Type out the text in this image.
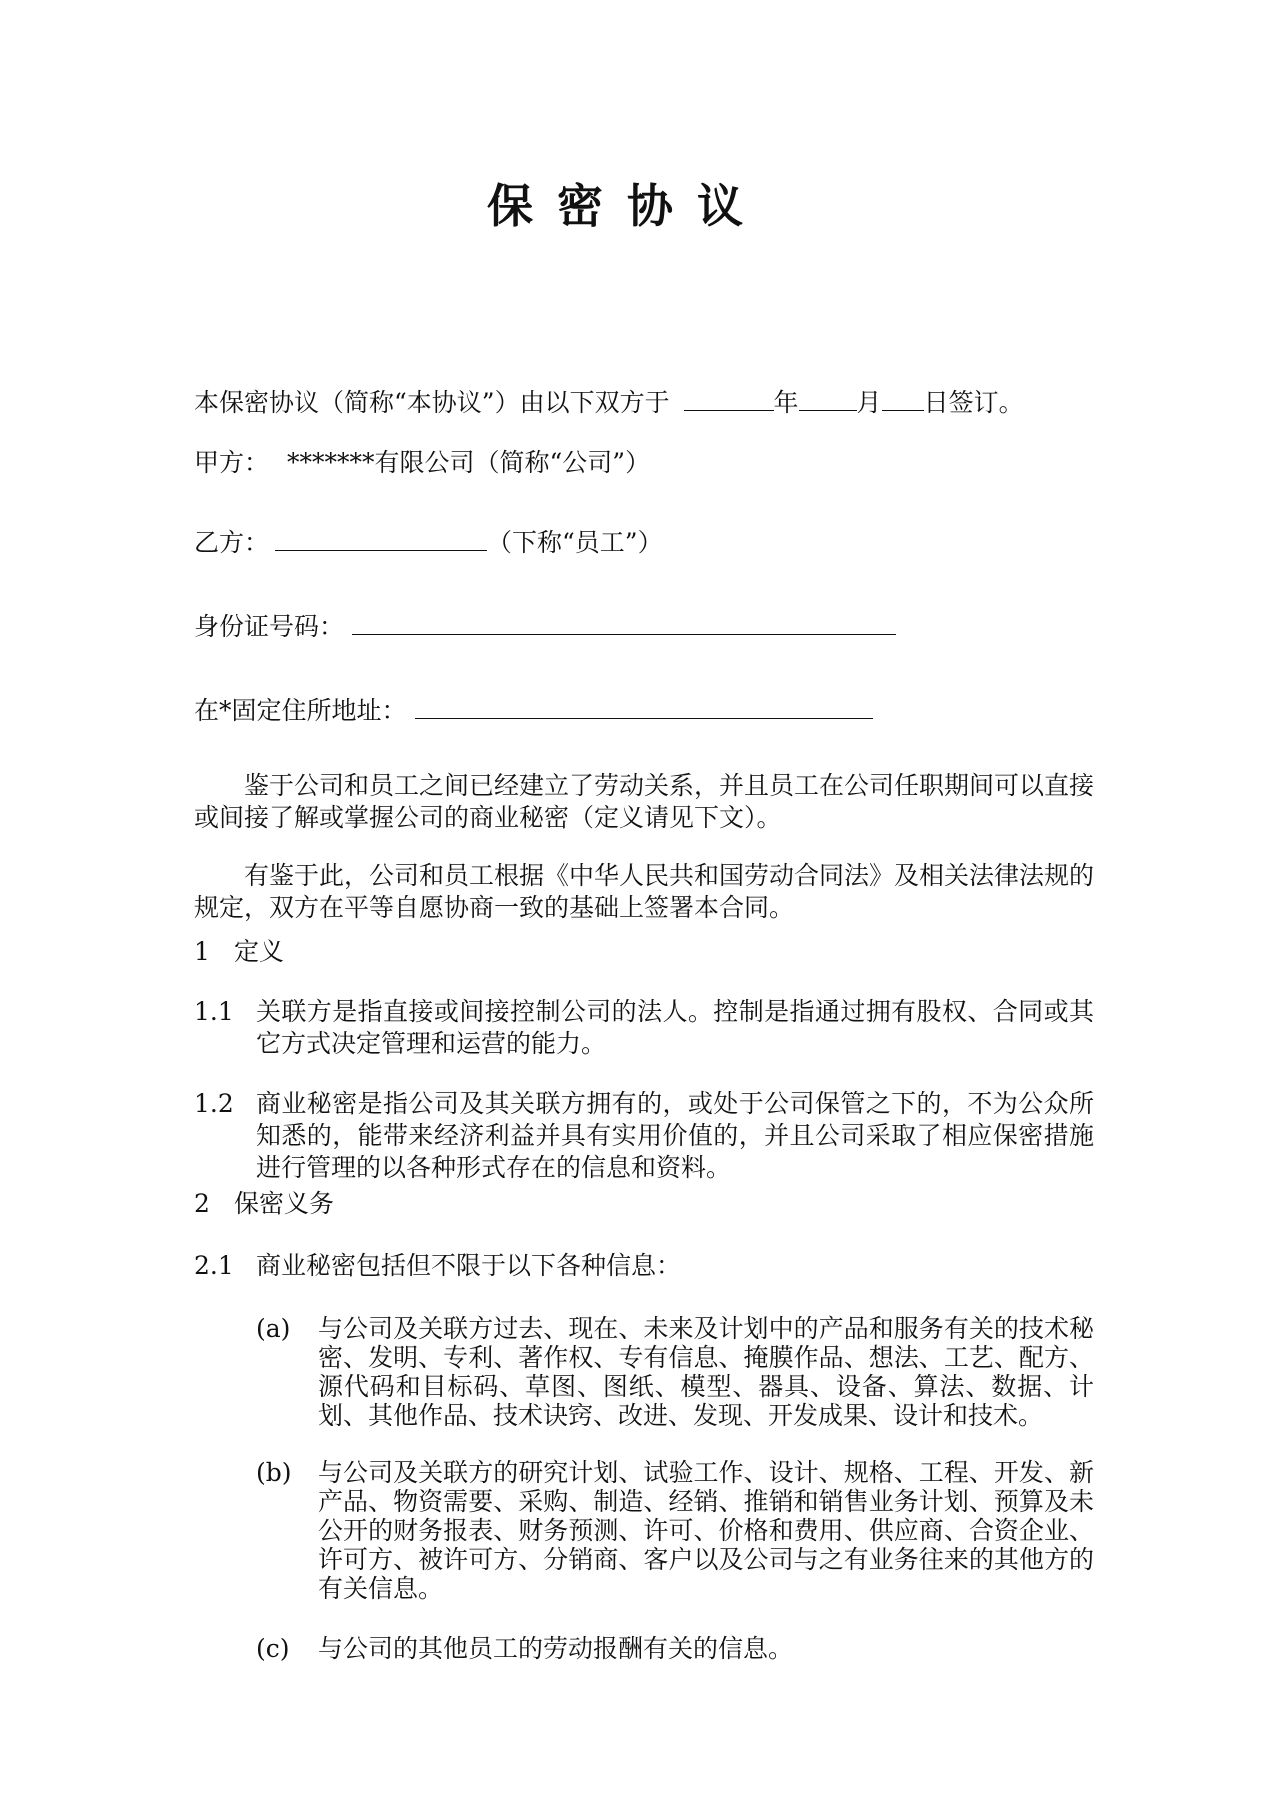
保密协议
本保密协议（简称“本协议”）由以下双方于	年 月 日签订。
甲方： *******有限公司（简称“公司”）
乙方：	（下称“员工”）
身份证号码：
在*固定住所地址：
鉴于公司和员工之间已经建立了劳动关系，并且员工在公司任职期间可以直接或间接了解或掌握公司的商业秘密（定义请见下文）。
有鉴于此，公司和员工根据《中华人民共和国劳动合同法》及相关法律法规的规定，双方在平等自愿协商一致的基础上签署本合同。
1 定义
1.1 关联方是指直接或间接控制公司的法人。控制是指通过拥有股权、合同或其它方式决定管理和运营的能力。
1.2 商业秘密是指公司及其关联方拥有的，或处于公司保管之下的，不为公众所知悉的，能带来经济利益并具有实用价值的，并且公司采取了相应保密措施进行管理的以各种形式存在的信息和资料。
2 保密义务
2.1 商业秘密包括但不限于以下各种信息：
(a)	与公司及关联方过去、现在、未来及计划中的产品和服务有关的技术秘密、发明、专利、著作权、专有信息、掩膜作品、想法、工艺、配方、源代码和目标码、草图、图纸、模型、器具、设备、算法、数据、计划、其他作品、技术诀窍、改进、发现、开发成果、设计和技术。
(b)	与公司及关联方的研究计划、试验工作、设计、规格、工程、开发、新产品、物资需要、采购、制造、经销、推销和销售业务计划、预算及未公开的财务报表、财务预测、许可、价格和费用、供应商、合资企业、许可方、被许可方、分销商、客户以及公司与之有业务往来的其他方的有关信息。
(c)	与公司的其他员工的劳动报酬有关的信息。
